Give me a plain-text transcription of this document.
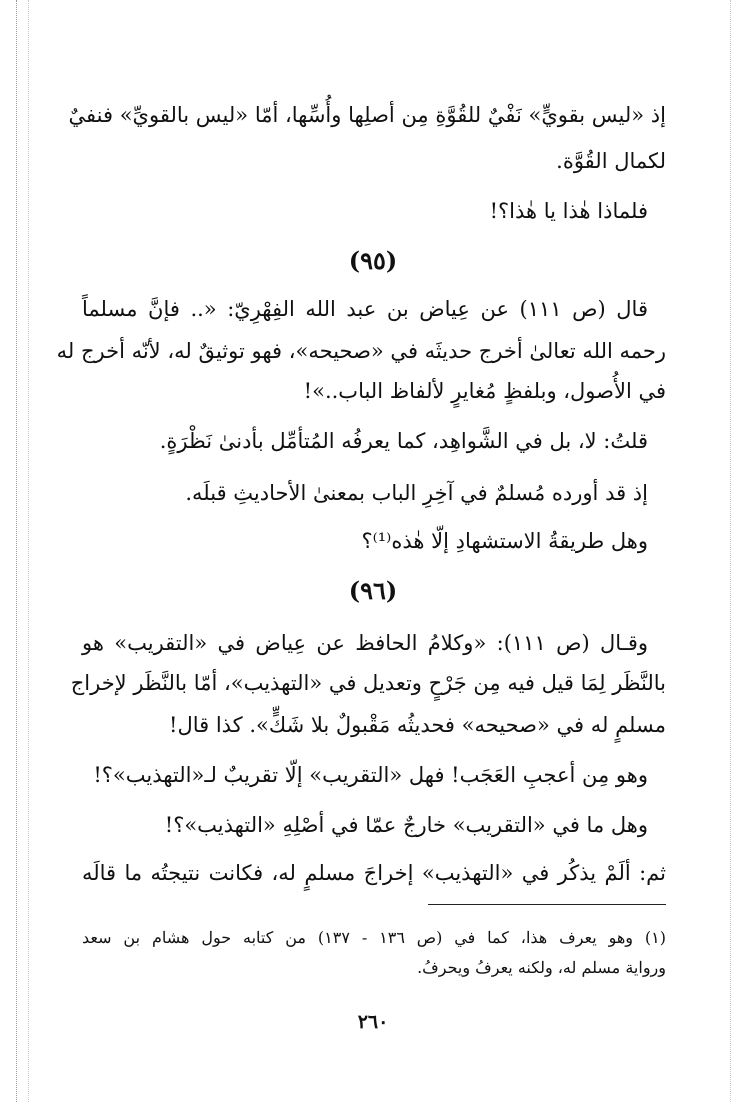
إذ «ليس بقويٍّ» نَفْيٌ للقُوَّةِ مِن أصلِها وأُسِّها، أمّا «ليس بالقويِّ» فنفيٌ
لكمال القُوَّة.
فلماذا هٰذا يا هٰذا؟!
(٩٥)
قال (ص ١١١) عن عِياض بن عبد الله الفِهْرِيّ: «.. فإنَّ مسلماً
رحمه الله تعالىٰ أخرج حديثَه في «صحيحه»، فهو توثيقٌ له، لأنّه أخرج له
في الأُصول، وبلفظٍ مُغايرٍ لألفاظ الباب..»!
قلتُ: لا، بل في الشَّواهِد، كما يعرفُه المُتأمِّل بأدنىٰ نَظْرَةٍ.
إذ قد أورده مُسلمٌ في آخِرِ الباب بمعنىٰ الأحاديثِ قبلَه.
وهل طريقةُ الاستشهادِ إلّا هٰذه⁽¹⁾؟
(٩٦)
وقـال (ص ١١١): «وكلامُ الحافظ عن عِياض في «التقريب» هو
بالنَّظَر لِمَا قيل فيه مِن جَرْحٍ وتعديل في «التهذيب»، أمّا بالنَّظَر لإخراج
مسلمٍ له في «صحيحه» فحديثُه مَقْبولٌ بلا شَكٍّ». كذا قال!
وهو مِن أعجبِ العَجَب! فهل «التقريب» إلّا تقريبٌ لـ«التهذيب»؟!
وهل ما في «التقريب» خارجٌ عمّا في أصْلِهِ «التهذيب»؟!
ثم: ألَمْ يذكُر في «التهذيب» إخراجَ مسلمٍ له، فكانت نتيجتُه ما قالَه
(١) وهو يعرف هذا، كما في (ص ١٣٦ - ١٣٧) من كتابه حول هشام بن سعد
ورواية مسلم له، ولكنه يعرفُ ويحرفُ.
٢٦٠
